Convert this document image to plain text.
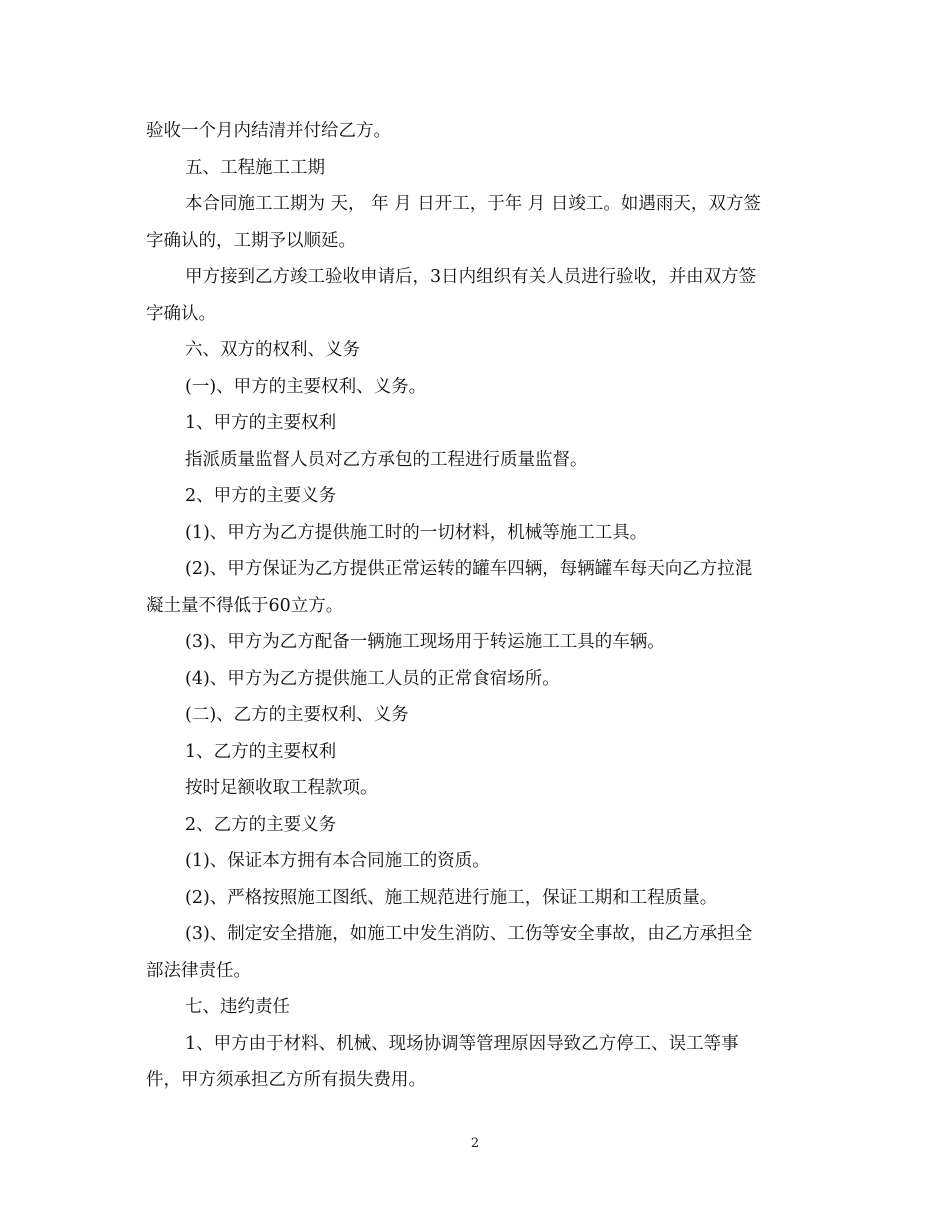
验收一个月内结清并付给乙方。

五、工程施工工期

本合同施工工期为 天， 年 月 日开工，于年 月 日竣工。如遇雨天，双方签

字确认的，工期予以顺延。

甲方接到乙方竣工验收申请后，3日内组织有关人员进行验收，并由双方签

字确认。

六、双方的权利、义务

(一)、甲方的主要权利、义务。

1、甲方的主要权利

指派质量监督人员对乙方承包的工程进行质量监督。

2、甲方的主要义务

(1)、甲方为乙方提供施工时的一切材料，机械等施工工具。

(2)、甲方保证为乙方提供正常运转的罐车四辆，每辆罐车每天向乙方拉混

凝土量不得低于60立方。

(3)、甲方为乙方配备一辆施工现场用于转运施工工具的车辆。

(4)、甲方为乙方提供施工人员的正常食宿场所。

(二)、乙方的主要权利、义务

1、乙方的主要权利

按时足额收取工程款项。

2、乙方的主要义务

(1)、保证本方拥有本合同施工的资质。

(2)、严格按照施工图纸、施工规范进行施工，保证工期和工程质量。

(3)、制定安全措施，如施工中发生消防、工伤等安全事故，由乙方承担全

部法律责任。

七、违约责任

1、甲方由于材料、机械、现场协调等管理原因导致乙方停工、误工等事

件，甲方须承担乙方所有损失费用。

2
